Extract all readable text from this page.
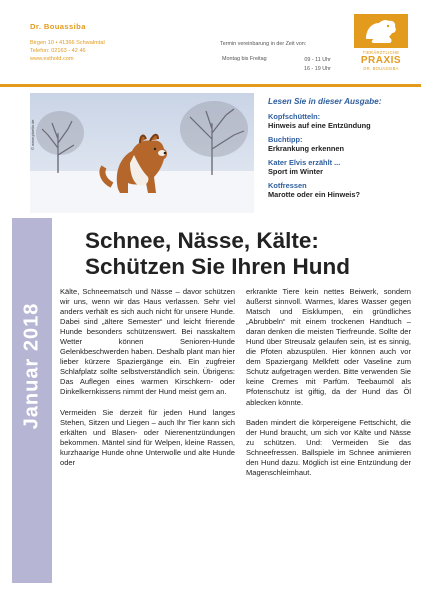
Dr. Bouassiba
Birgen 10 • 41366 Schwalmtal
Telefon: 02163 - 42 46
www.esthold.com
Termin vereinbarung in der Zeit von:
Montag bis Freitag	09 - 11 Uhr
16 - 19 Uhr
TIERÄRZTLICHE
PRAXIS
DR. BOUASSIBA
© www.pixelio.de
Lesen Sie in dieser Ausgabe:
Kopfschütteln:
Hinweis auf eine Entzündung
Buchtipp:
Erkrankung erkennen
Kater Elvis erzählt ...
Sport im Winter
Kotfressen
Marotte oder ein Hinweis?
Januar 2018
Schnee, Nässe, Kälte:
Schützen Sie Ihren Hund

Kälte, Schneematsch und Nässe – davor schützen wir uns, wenn wir das Haus verlassen. Sehr viel anders verhält es sich auch nicht für unsere Hunde. Dabei sind „ältere Semester“ und leicht frierende Hunde besonders schützenswert. Bei nasskaltem Wetter können Senioren-Hunde Gelenkbeschwerden haben. Deshalb plant man hier lieber kürzere Spaziergänge ein. Ein zugfreier Schlafplatz sollte selbstverständlich sein. Übrigens: Das Auflegen eines warmen Kirschkern- oder Dinkelkernkissens nimmt der Hund meist gern an.

Vermeiden Sie derzeit für jeden Hund langes Stehen, Sitzen und Liegen – auch Ihr Tier kann sich erkälten und Blasen- oder Nierenentzündungen bekommen. Mäntel sind für Welpen, kleine Rassen, kurzhaarige Hunde ohne Unterwolle und alte Hunde oder

erkrankte Tiere kein nettes Beiwerk, sondern äußerst sinnvoll. Warmes, klares Wasser gegen Matsch und Eisklumpen, ein gründliches „Abrubbeln“ mit einem trockenen Handtuch – daran denken die meisten Tierfreunde. Sollte der Hund über Streusalz gelaufen sein, ist es sinnig, die Pfoten abzuspülen. Hier können auch vor dem Spaziergang Melkfett oder Vaseline zum Schutz aufgetragen werden. Bitte verwenden Sie keine Cremes mit Parfüm. Teebaumöl als Pfotenschutz ist giftig, da der Hund das Öl ablecken könnte.

Baden mindert die körpereigene Fettschicht, die der Hund braucht, um sich vor Kälte und Nässe zu schützen. Und: Vermeiden Sie das Schneefressen. Ballspiele im Schnee animieren den Hund dazu. Möglich ist eine Entzündung der Magenschleimhaut.
